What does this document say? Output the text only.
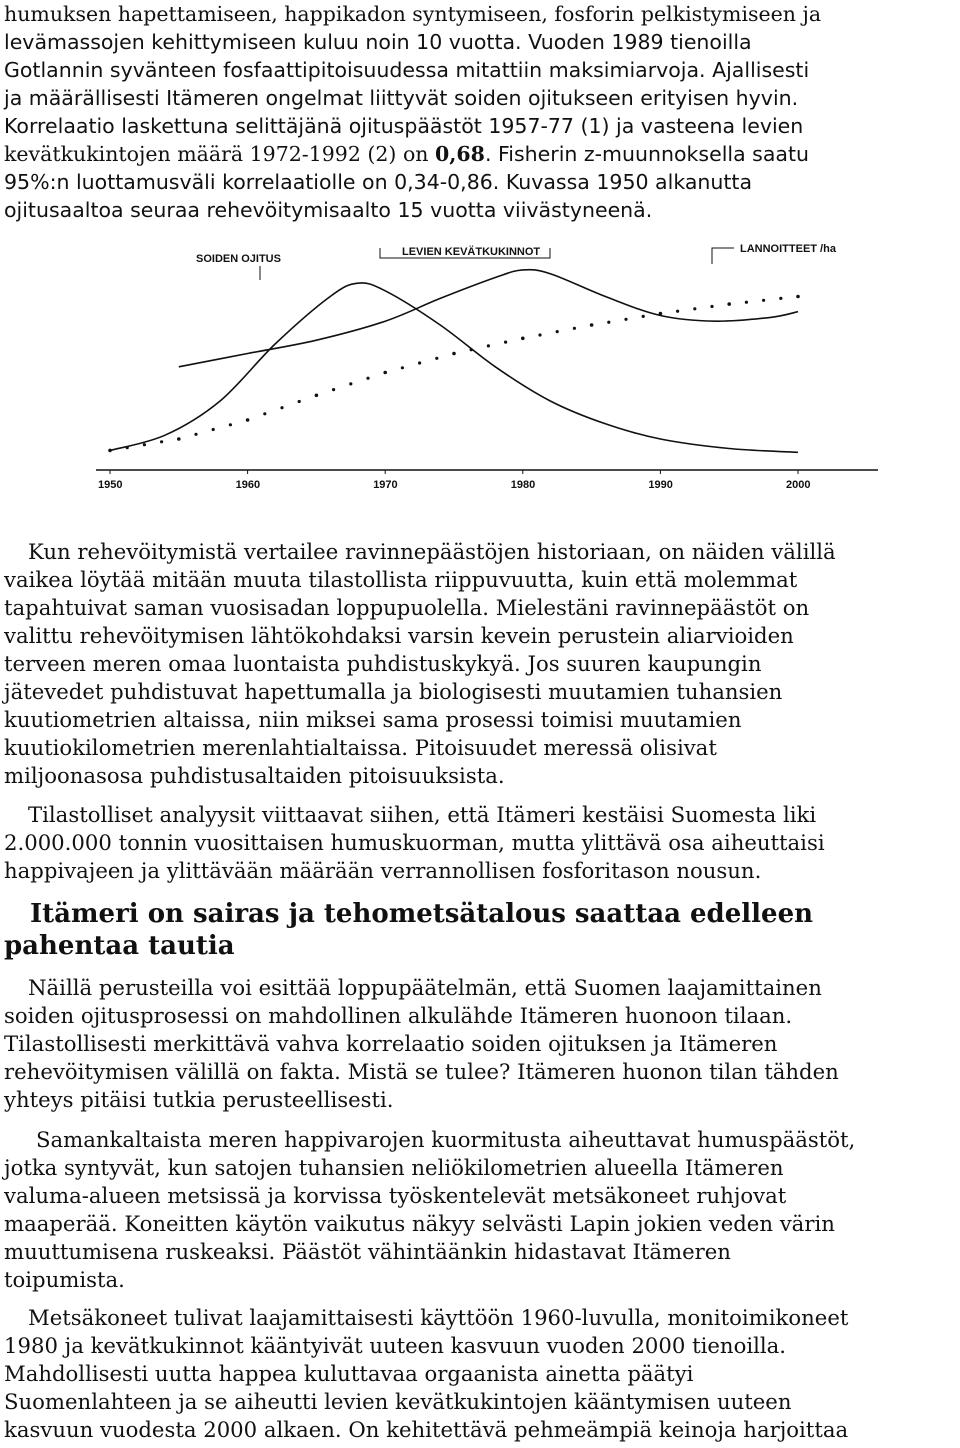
humuksen hapettamiseen, happikadon syntymiseen, fosforin pelkistymiseen ja
levämassojen kehittymiseen kuluu noin 10 vuotta. Vuoden 1989 tienoilla
Gotlannin syvänteen fosfaattipitoisuudessa mitattiin maksimiarvoja. Ajallisesti
ja määrällisesti Itämeren ongelmat liittyvät soiden ojitukseen erityisen hyvin.
Korrelaatio laskettuna selittäjänä ojituspäästöt 1957-77 (1) ja vasteena levien
kevätkukintojen määrä 1972-1992 (2) on 0,68. Fisherin z-muunnoksella saatu
95%:n luottamusväli korrelaatiolle on 0,34-0,86. Kuvassa 1950 alkanutta
ojitusaaltoa seuraa rehevöitymisaalto 15 vuotta viivästyneenä.
SOIDEN OJITUS
LEVIEN KEVÄTKUKINNOT	LANNOITTEET /ha
1950	1960	1970	1980	1990	2000
Kun rehevöitymistä vertailee ravinnepäästöjen historiaan, on näiden välillä
vaikea löytää mitään muuta tilastollista riippuvuutta, kuin että molemmat
tapahtuivat saman vuosisadan loppupuolella. Mielestäni ravinnepäästöt on
valittu rehevöitymisen lähtökohdaksi varsin kevein perustein aliarvioiden
terveen meren omaa luontaista puhdistuskykyä. Jos suuren kaupungin
jätevedet puhdistuvat hapettumalla ja biologisesti muutamien tuhansien
kuutiometrien altaissa, niin miksei sama prosessi toimisi muutamien
kuutiokilometrien merenlahtialtaissa. Pitoisuudet meressä olisivat
miljoonasosa puhdistusaltaiden pitoisuuksista.
Tilastolliset analyysit viittaavat siihen, että Itämeri kestäisi Suomesta liki
2.000.000 tonnin vuosittaisen humuskuorman, mutta ylittävä osa aiheuttaisi
happivajeen ja ylittävään määrään verrannollisen fosforitason nousun.
Itämeri on sairas ja tehometsätalous saattaa edelleen
pahentaa tautia
Näillä perusteilla voi esittää loppupäätelmän, että Suomen laajamittainen
soiden ojitusprosessi on mahdollinen alkulähde Itämeren huonoon tilaan.
Tilastollisesti merkittävä vahva korrelaatio soiden ojituksen ja Itämeren
rehevöitymisen välillä on fakta. Mistä se tulee? Itämeren huonon tilan tähden
yhteys pitäisi tutkia perusteellisesti.
Samankaltaista meren happivarojen kuormitusta aiheuttavat humuspäästöt,
jotka syntyvät, kun satojen tuhansien neliökilometrien alueella Itämeren
valuma-alueen metsissä ja korvissa työskentelevät metsäkoneet ruhjovat
maaperää. Koneitten käytön vaikutus näkyy selvästi Lapin jokien veden värin
muuttumisena ruskeaksi. Päästöt vähintäänkin hidastavat Itämeren
toipumista.
Metsäkoneet tulivat laajamittaisesti käyttöön 1960-luvulla, monitoimikoneet
1980 ja kevätkukinnot kääntyivät uuteen kasvuun vuoden 2000 tienoilla.
Mahdollisesti uutta happea kuluttavaa orgaanista ainetta päätyi
Suomenlahteen ja se aiheutti levien kevätkukintojen kääntymisen uuteen
kasvuun vuodesta 2000 alkaen. On kehitettävä pehmeämpiä keinoja harjoittaa
